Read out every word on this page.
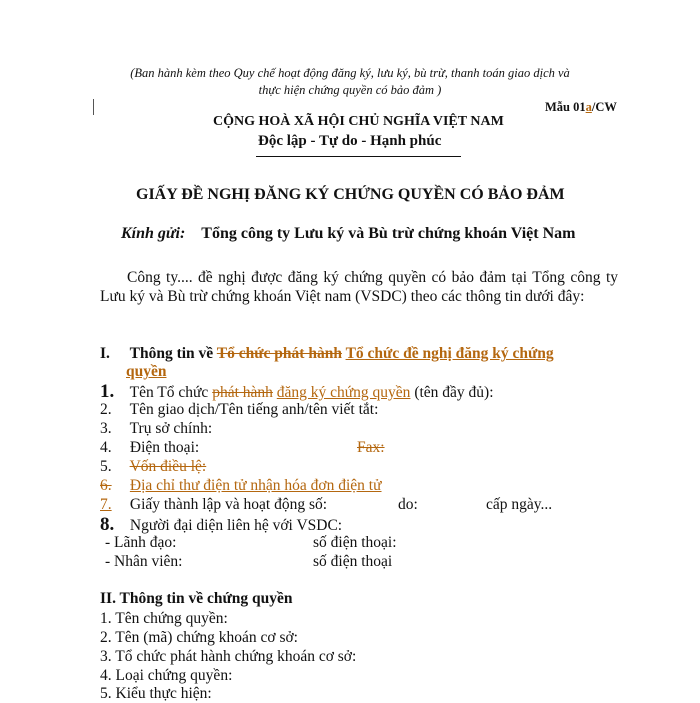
(Ban hành kèm theo Quy chế hoạt động đăng ký, lưu ký, bù trừ, thanh toán giao dịch và
thực hiện chứng quyền có bảo đảm )
Mẫu 01a/CW
CỘNG HOÀ XÃ HỘI CHỦ NGHĨA VIỆT NAM
Độc lập - Tự do - Hạnh phúc
GIẤY ĐỀ NGHỊ ĐĂNG KÝ CHỨNG QUYỀN CÓ BẢO ĐẢM
Kính gửi: Tổng công ty Lưu ký và Bù trừ chứng khoán Việt Nam
Công ty.... đề nghị được đăng ký chứng quyền có bảo đảm tại Tổng công ty Lưu ký và Bù trừ chứng khoán Việt nam (VSDC) theo các thông tin dưới đây:
I. Thông tin về Tổ chức phát hành Tổ chức đề nghị đăng ký chứng
quyền
1. Tên Tổ chức phát hành đăng ký chứng quyền (tên đầy đủ):
2. Tên giao dịch/Tên tiếng anh/tên viết tắt:
3. Trụ sở chính:
4. Điện thoại:	Fax:
5. Vốn điều lệ:
6. Địa chỉ thư điện tử nhận hóa đơn điện tử
7. Giấy thành lập và hoạt động số:	do:	cấp ngày...
8. Người đại diện liên hệ với VSDC:
- Lãnh đạo:	số điện thoại:
- Nhân viên:	số điện thoại
II. Thông tin về chứng quyền
1. Tên chứng quyền:
2. Tên (mã) chứng khoán cơ sở:
3. Tổ chức phát hành chứng khoán cơ sở:
4. Loại chứng quyền:
5. Kiểu thực hiện:
